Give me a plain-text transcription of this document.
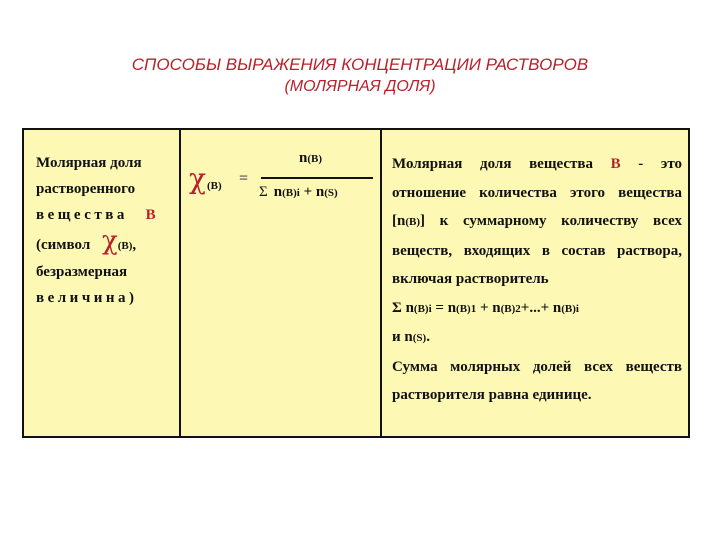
СПОСОБЫ ВЫРАЖЕНИЯ КОНЦЕНТРАЦИИ РАСТВОРОВ
(МОЛЯРНАЯ ДОЛЯ)
Молярная доля
растворенного
вещества В
(символ χ(B),
безразмерная
величина)
χ (B) =
n(B)
Σ n(B)i + n(S)
Молярная доля вещества B - это отношение количества этого вещества [n(B)] к суммарному количеству всех веществ, входящих в состав раствора, включая растворитель
Σ n(B)i = n(B)1 + n(B)2+...+ n(B)i
и n(S).
Сумма молярных долей всех веществ растворителя равна единице.
